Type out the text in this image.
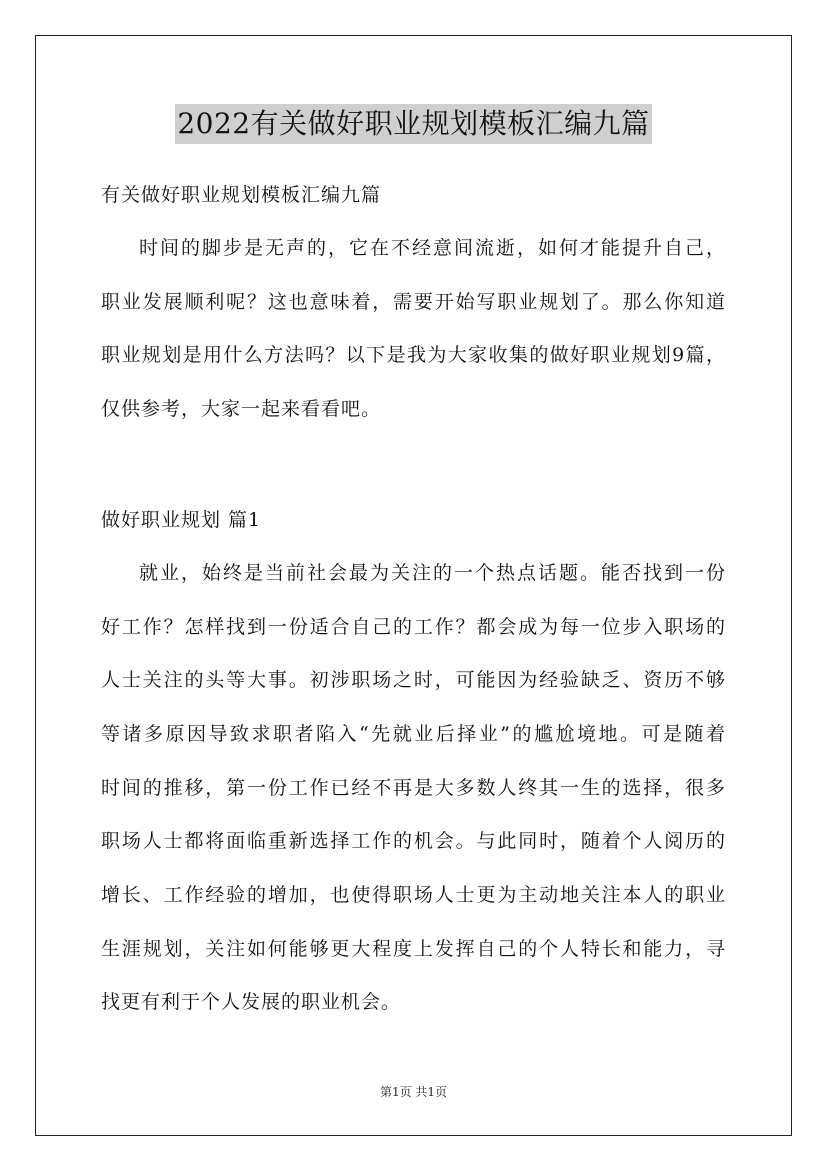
2022有关做好职业规划模板汇编九篇
有关做好职业规划模板汇编九篇
时间的脚步是无声的，它在不经意间流逝，如何才能提升自己，
职业发展顺利呢？这也意味着，需要开始写职业规划了。那么你知道
职业规划是用什么方法吗？以下是我为大家收集的做好职业规划9篇，
仅供参考，大家一起来看看吧。
做好职业规划 篇1
就业，始终是当前社会最为关注的一个热点话题。能否找到一份
好工作？怎样找到一份适合自己的工作？都会成为每一位步入职场的
人士关注的头等大事。初涉职场之时，可能因为经验缺乏、资历不够
等诸多原因导致求职者陷入“先就业后择业”的尴尬境地。可是随着
时间的推移，第一份工作已经不再是大多数人终其一生的选择，很多
职场人士都将面临重新选择工作的机会。与此同时，随着个人阅历的
增长、工作经验的增加，也使得职场人士更为主动地关注本人的职业
生涯规划，关注如何能够更大程度上发挥自己的个人特长和能力，寻
找更有利于个人发展的职业机会。
第1页 共1页
